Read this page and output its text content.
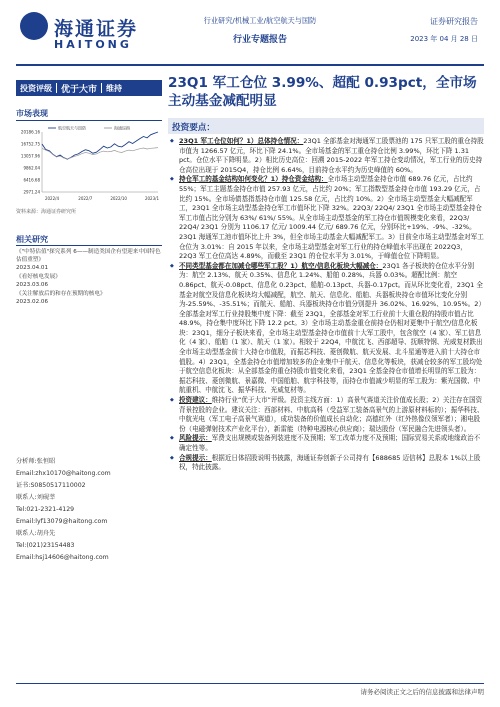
海通证券
HAITONG
行业研究/机械工业/航空航天与国防
行业专题报告
证券研究报告
2023 年 04 月 28 日
投资评级	优于大市	维持
市场表现
20186.16
16752.75
13057.96
9862.04
6416.68
2971.24
2022/4	2022/7	2022/10	2023/1
航空航天与国防	海通综指
资料来源：海通证券研究所
相关研究
《"中特估值"探究系列 6——制造类国企有望迎来中国特色估值重塑》
2023.04.01
《看好核电发展》
2023.03.06
《关注解放后的和存在预期的核电》
2023.02.06
分析师:张恒昭
Email:zhx10170@haitong.com
证书:S0850517110002
联系人:刘砚莘
Tel:021-2321-4129
Email:lyf13079@haitong.com
联系人:胡舟先
Tel:(021)23154483
Email:hsj14606@haitong.com
23Q1 军工仓位 3.99%、超配 0.93pct，全市场主动基金减配明显
投资要点：
◆ 23Q1 军工仓位如何？1）总体持仓情况：23Q1 全部基金对海通军工股票池的 175 只军工股的重仓持股市值为 1266.57 亿元，环比下降 24.1%。全市场基金的军工重仓持仓比例 3.99%，环比下降 1.31 pct。仓位水平下降明显。2）相比历史高位：回溯 2015-2022 年军工持仓变动情况，军工行业的历史持仓高位出现于 2015Q4，持仓比例 6.64%，目前持仓水平约为历史峰值的 60%。
◆ 持仓军工的基金结构如何变化？1）持仓资金结构：全市场主动型基金持仓市值 689.76 亿元，占比约 55%；军工主题基金持仓市值 257.93 亿元，占比约 20%；军工指数型基金持仓市值 193.29 亿元，占比约 15%。全市场债基指基持仓市值 125.58 亿元，占比约 10%。2）全市场主动型基金大幅减配军工，23Q1 全市场主动型基金持仓军工市值环比下降 32%。22Q3/ 22Q4/ 23Q1 全市场主动型基金持仓军工市值占比分别为 63%/ 61%/ 55%。从全市场主动型基金的军工持仓市值规模变化来看，22Q3/ 22Q4/ 23Q1 分别为 1106.17 亿元/ 1009.44 亿元/ 689.76 亿元，分别环比+19%、-9%、-32%。23Q1 海通军工池市值环比上升 3%，但全市场主动基金大幅减配军工。3）目前全市场主动型基金对军工仓位为 3.01%：自 2015 年以来，全市场主动型基金对军工行业的持仓峰值水平出现在 2022Q3，22Q3 军工仓位高达 4.89%，而截至 23Q1 的仓位水平为 3.01%，于峰值仓位下降明显。
◆ 不同类型基金都在加减仓哪些军工股？1）航空/信息化板块大幅减仓：23Q1 各子板块的仓位水平分别为：航空 2.13%、航天 0.35%、信息化 1.24%、船舶 0.28%、兵器 0.03%。超配比例：航空 0.86pct、航天-0.08pct、信息化 0.23pct、船舶-0.13pct、兵器-0.17pct。而从环比变化看，23Q1 全基金对航空及信息化板块均大幅减配，航空、航天、信息化、船舶、兵器板块持仓市值环比变化分别为-25.59%、-35.51%；而航天、船舶、兵器板块持仓市值分别提升 36.02%、16.92%、10.95%。2）全部基金对军工行业持股集中度下降：截至 23Q1，全部基金对军工行业前十大重仓股的持股市值占比 48.9%，持仓集中度环比下降 12.2 pct。3）全市场主动基金重仓前持仓仍相对更集中于航空/信息化板块：23Q1，细分子板块来看，全市场主动型基金持仓市值前十大军工股中，包含航空（4 家）、军工信息化（4 家）、船舶（1 家）、航天（1 家）。相较于 22Q4，中航沈飞、西部超导、抚顺特钢、光威复材跌出全市场主动型基金前十大持仓市值股，而振芯科技、菱创微航、航天发展、北斗星通等进入前十大持仓市值股。4）23Q1，全基金持仓市值增加较多的企业集中于航天、信息化等板块，获减仓较多的军工股均处于航空信息化板块：从全部基金的重仓持股市值变化来看，23Q1 全基金持仓市值增长明显的军工股为：振芯科技、菱创微航、景嘉微、中国船舶、航宇科技等，而持仓市值减少明显的军工股为：紫光国微、中航重机、中航沈飞、振华科技、光威复材等。
◆ 投资建议：维持行业“优于大市”评级。投资主线方面：1）高景气赛道关注价值成长股；2）关注存在国资背景控股的企业。建议关注：西部材料、中航高科（受益军工装备高景气的上游原材料标的）；振华科技、中航光电（军工电子高景气赛道），成功装备的价值成长自动化；高德红外（红外热像仪领军者）；湘电股份（电磁弹射技术产业化平台），新雷能（特种电源核心供应商）；瑞达股份（军民融合先进领头者）。
◆ 风险提示：军费支出规模或装备列装进度不及预期；军工改革力度不及预期；国际贸易关系或地缘政治不确定性等。
◆ 合规提示：根据近日体招股说明书披露，海通证券创新子公司持有【688685 迈信林】总股本 1%以上股权，特此披露。
请务必阅读正文之后的信息披露和法律声明
